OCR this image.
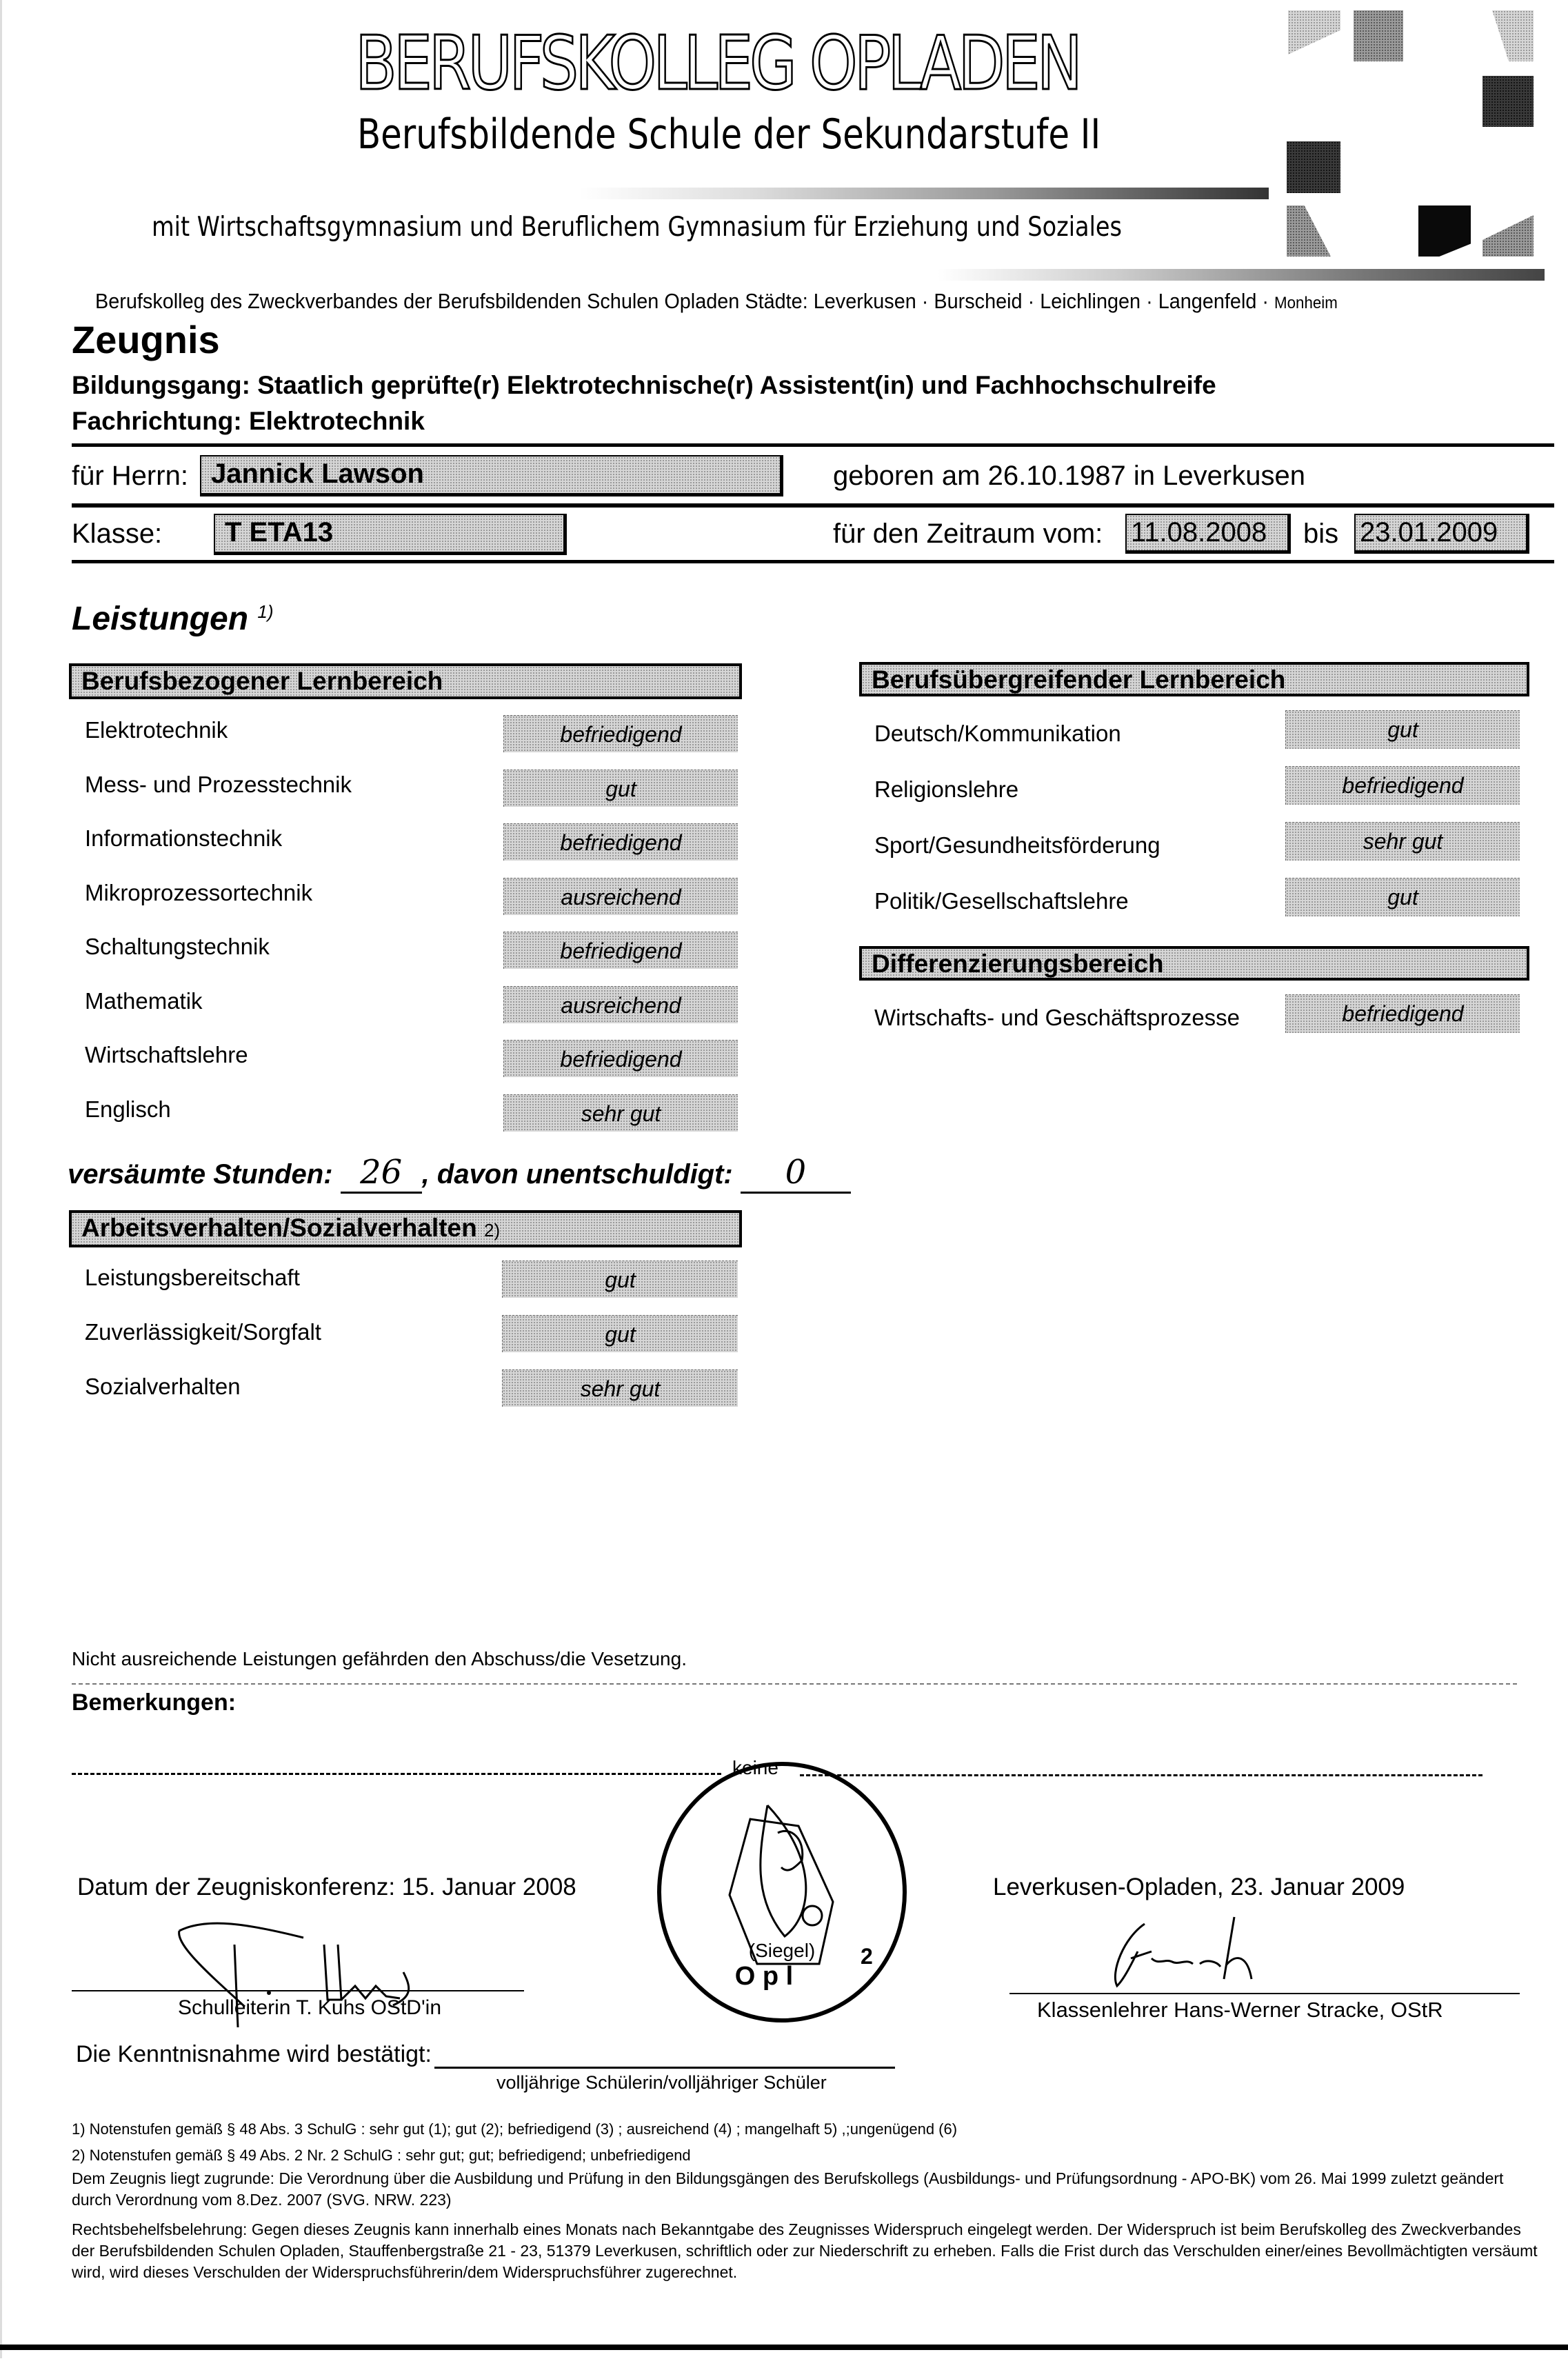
BERUFSKOLLEG OPLADEN
Berufsbildende Schule der Sekundarstufe II
mit Wirtschaftsgymnasium und Beruflichem Gymnasium für Erziehung und Soziales
Berufskolleg des Zweckverbandes der Berufsbildenden Schulen Opladen Städte: Leverkusen · Burscheid · Leichlingen · Langenfeld · Monheim
Zeugnis
Bildungsgang: Staatlich geprüfte(r) Elektrotechnische(r) Assistent(in) und Fachhochschulreife
Fachrichtung: Elektrotechnik
für Herrn: Jannick Lawson	geboren am 26.10.1987 in Leverkusen
Klasse:	T ETA13	für den Zeitraum vom: 11.08.2008	bis 23.01.2009
Leistungen $^{1)}$
Berufsbezogener Lernbereich
Elektrotechnik	befriedigend
Mess- und Prozesstechnik	gut
Informationstechnik	befriedigend
Mikroprozessortechnik	ausreichend
Schaltungstechnik	befriedigend
Mathematik	ausreichend
Wirtschaftslehre	befriedigend
Englisch	sehr gut
Berufsübergreifender Lernbereich
Deutsch/Kommunikation	gut
Religionslehre	befriedigend
Sport/Gesundheitsförderung	sehr gut
Politik/Gesellschaftslehre	gut
Differenzierungsbereich
Wirtschafts- und Geschäftsprozesse	befriedigend
versäumte Stunden: 26 , davon unentschuldigt: 0
Arbeitsverhalten/Sozialverhalten 2)
Leistungsbereitschaft	gut
Zuverlässigkeit/Sorgfalt	gut
Sozialverhalten	sehr gut
Nicht ausreichende Leistungen gefährden den Abschuss/die Vesetzung.
Bemerkungen:
keine
Datum der Zeugniskonferenz: 15. Januar 2008
Schulleiterin T. Kuhs OStD'in
(Siegel)
O p l
2
Leverkusen-Opladen, 23. Januar 2009
Klassenlehrer Hans-Werner Stracke, OStR
Die Kenntnisnahme wird bestätigt:
volljährige Schülerin/volljähriger Schüler
1) Notenstufen gemäß § 48 Abs. 3 SchulG : sehr gut (1); gut (2); befriedigend (3) ; ausreichend (4) ; mangelhaft 5) ,;ungenügend (6)
2) Notenstufen gemäß § 49 Abs. 2 Nr. 2 SchulG : sehr gut; gut; befriedigend; unbefriedigend
Dem Zeugnis liegt zugrunde: Die Verordnung über die Ausbildung und Prüfung in den Bildungsgängen des Berufskollegs (Ausbildungs- und Prüfungsordnung - APO-BK) vom 26. Mai 1999 zuletzt geändert durch Verordnung vom 8.Dez. 2007 (SVG. NRW. 223)
Rechtsbehelfsbelehrung: Gegen dieses Zeugnis kann innerhalb eines Monats nach Bekanntgabe des Zeugnisses Widerspruch eingelegt werden. Der Widerspruch ist beim Berufskolleg des Zweckverbandes der Berufsbildenden Schulen Opladen, Stauffenbergstraße 21 - 23, 51379 Leverkusen, schriftlich oder zur Niederschrift zu erheben. Falls die Frist durch das Verschulden einer/eines Bevollmächtigten versäumt wird, wird dieses Verschulden der Widerspruchsführerin/dem Widerspruchsführer zugerechnet.
